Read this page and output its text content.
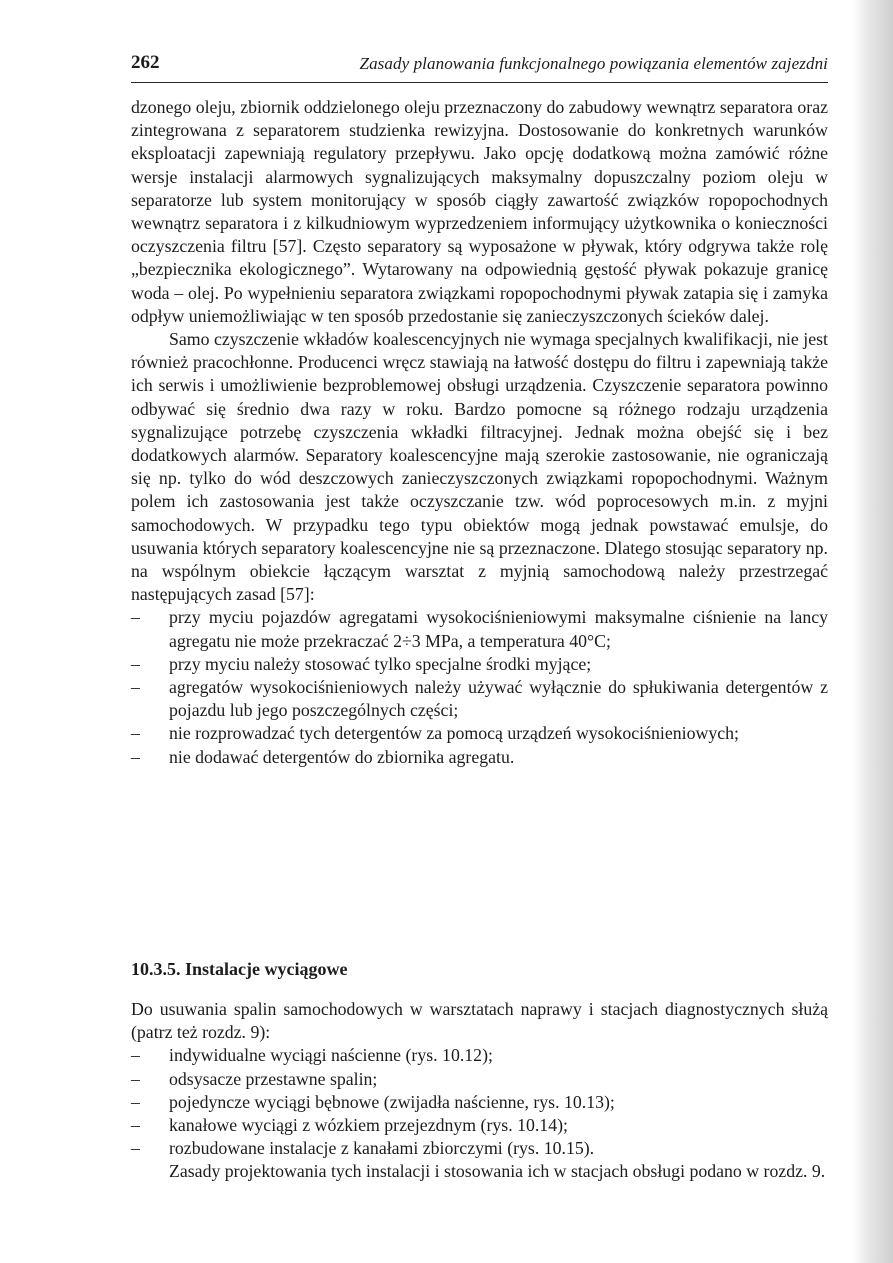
262	Zasady planowania funkcjonalnego powiązania elementów zajezdni

dzonego oleju, zbiornik oddzielonego oleju przeznaczony do zabudowy wewnątrz separatora oraz zintegrowana z separatorem studzienka rewizyjna. Dostosowanie do konkretnych warunków eksploatacji zapewniają regulatory przepływu. Jako opcję dodatkową można zamówić różne wersje instalacji alarmowych sygnalizujących maksymalny dopuszczalny poziom oleju w separatorze lub system monitorujący w sposób ciągły zawartość związków ropopochodnych wewnątrz separatora i z kilkudniowym wyprzedzeniem informujący użytkownika o konieczności oczyszczenia filtru [57]. Często separatory są wyposażone w pływak, który odgrywa także rolę „bezpiecznika ekologicznego”. Wytarowany na odpowiednią gęstość pływak pokazuje granicę woda – olej. Po wypełnieniu separatora związkami ropopochodnymi pływak zatapia się i zamyka odpływ uniemożliwiając w ten sposób przedostanie się zanieczyszczonych ścieków dalej.

Samo czyszczenie wkładów koalescencyjnych nie wymaga specjalnych kwalifikacji, nie jest również pracochłonne. Producenci wręcz stawiają na łatwość dostępu do filtru i zapewniają także ich serwis i umożliwienie bezproblemowej obsługi urządzenia. Czyszczenie separatora powinno odbywać się średnio dwa razy w roku. Bardzo pomocne są różnego rodzaju urządzenia sygnalizujące potrzebę czyszczenia wkładki filtracyjnej. Jednak można obejść się i bez dodatkowych alarmów. Separatory koalescencyjne mają szerokie zastosowanie, nie ograniczają się np. tylko do wód deszczowych zanieczyszczonych związkami ropopochodnymi. Ważnym polem ich zastosowania jest także oczyszczanie tzw. wód poprocesowych m.in. z myjni samochodowych. W przypadku tego typu obiektów mogą jednak powstawać emulsje, do usuwania których separatory koalescencyjne nie są przeznaczone. Dlatego stosując separatory np. na wspólnym obiekcie łączącym warsztat z myjnią samochodową należy przestrzegać następujących zasad [57]:

– przy myciu pojazdów agregatami wysokociśnieniowymi maksymalne ciśnienie na lancy agregatu nie może przekraczać 2÷3 MPa, a temperatura 40°C;
– przy myciu należy stosować tylko specjalne środki myjące;
– agregatów wysokociśnieniowych należy używać wyłącznie do spłukiwania detergentów z pojazdu lub jego poszczególnych części;
– nie rozprowadzać tych detergentów za pomocą urządzeń wysokociśnieniowych;
– nie dodawać detergentów do zbiornika agregatu.
10.3.5. Instalacje wyciągowe

Do usuwania spalin samochodowych w warsztatach naprawy i stacjach diagnostycznych służą (patrz też rozdz. 9):

– indywidualne wyciągi naścienne (rys. 10.12);
– odsysacze przestawne spalin;
– pojedyncze wyciągi bębnowe (zwijadła naścienne, rys. 10.13);
– kanałowe wyciągi z wózkiem przejezdnym (rys. 10.14);
– rozbudowane instalacje z kanałami zbiorczymi (rys. 10.15).

Zasady projektowania tych instalacji i stosowania ich w stacjach obsługi podano w rozdz. 9.
